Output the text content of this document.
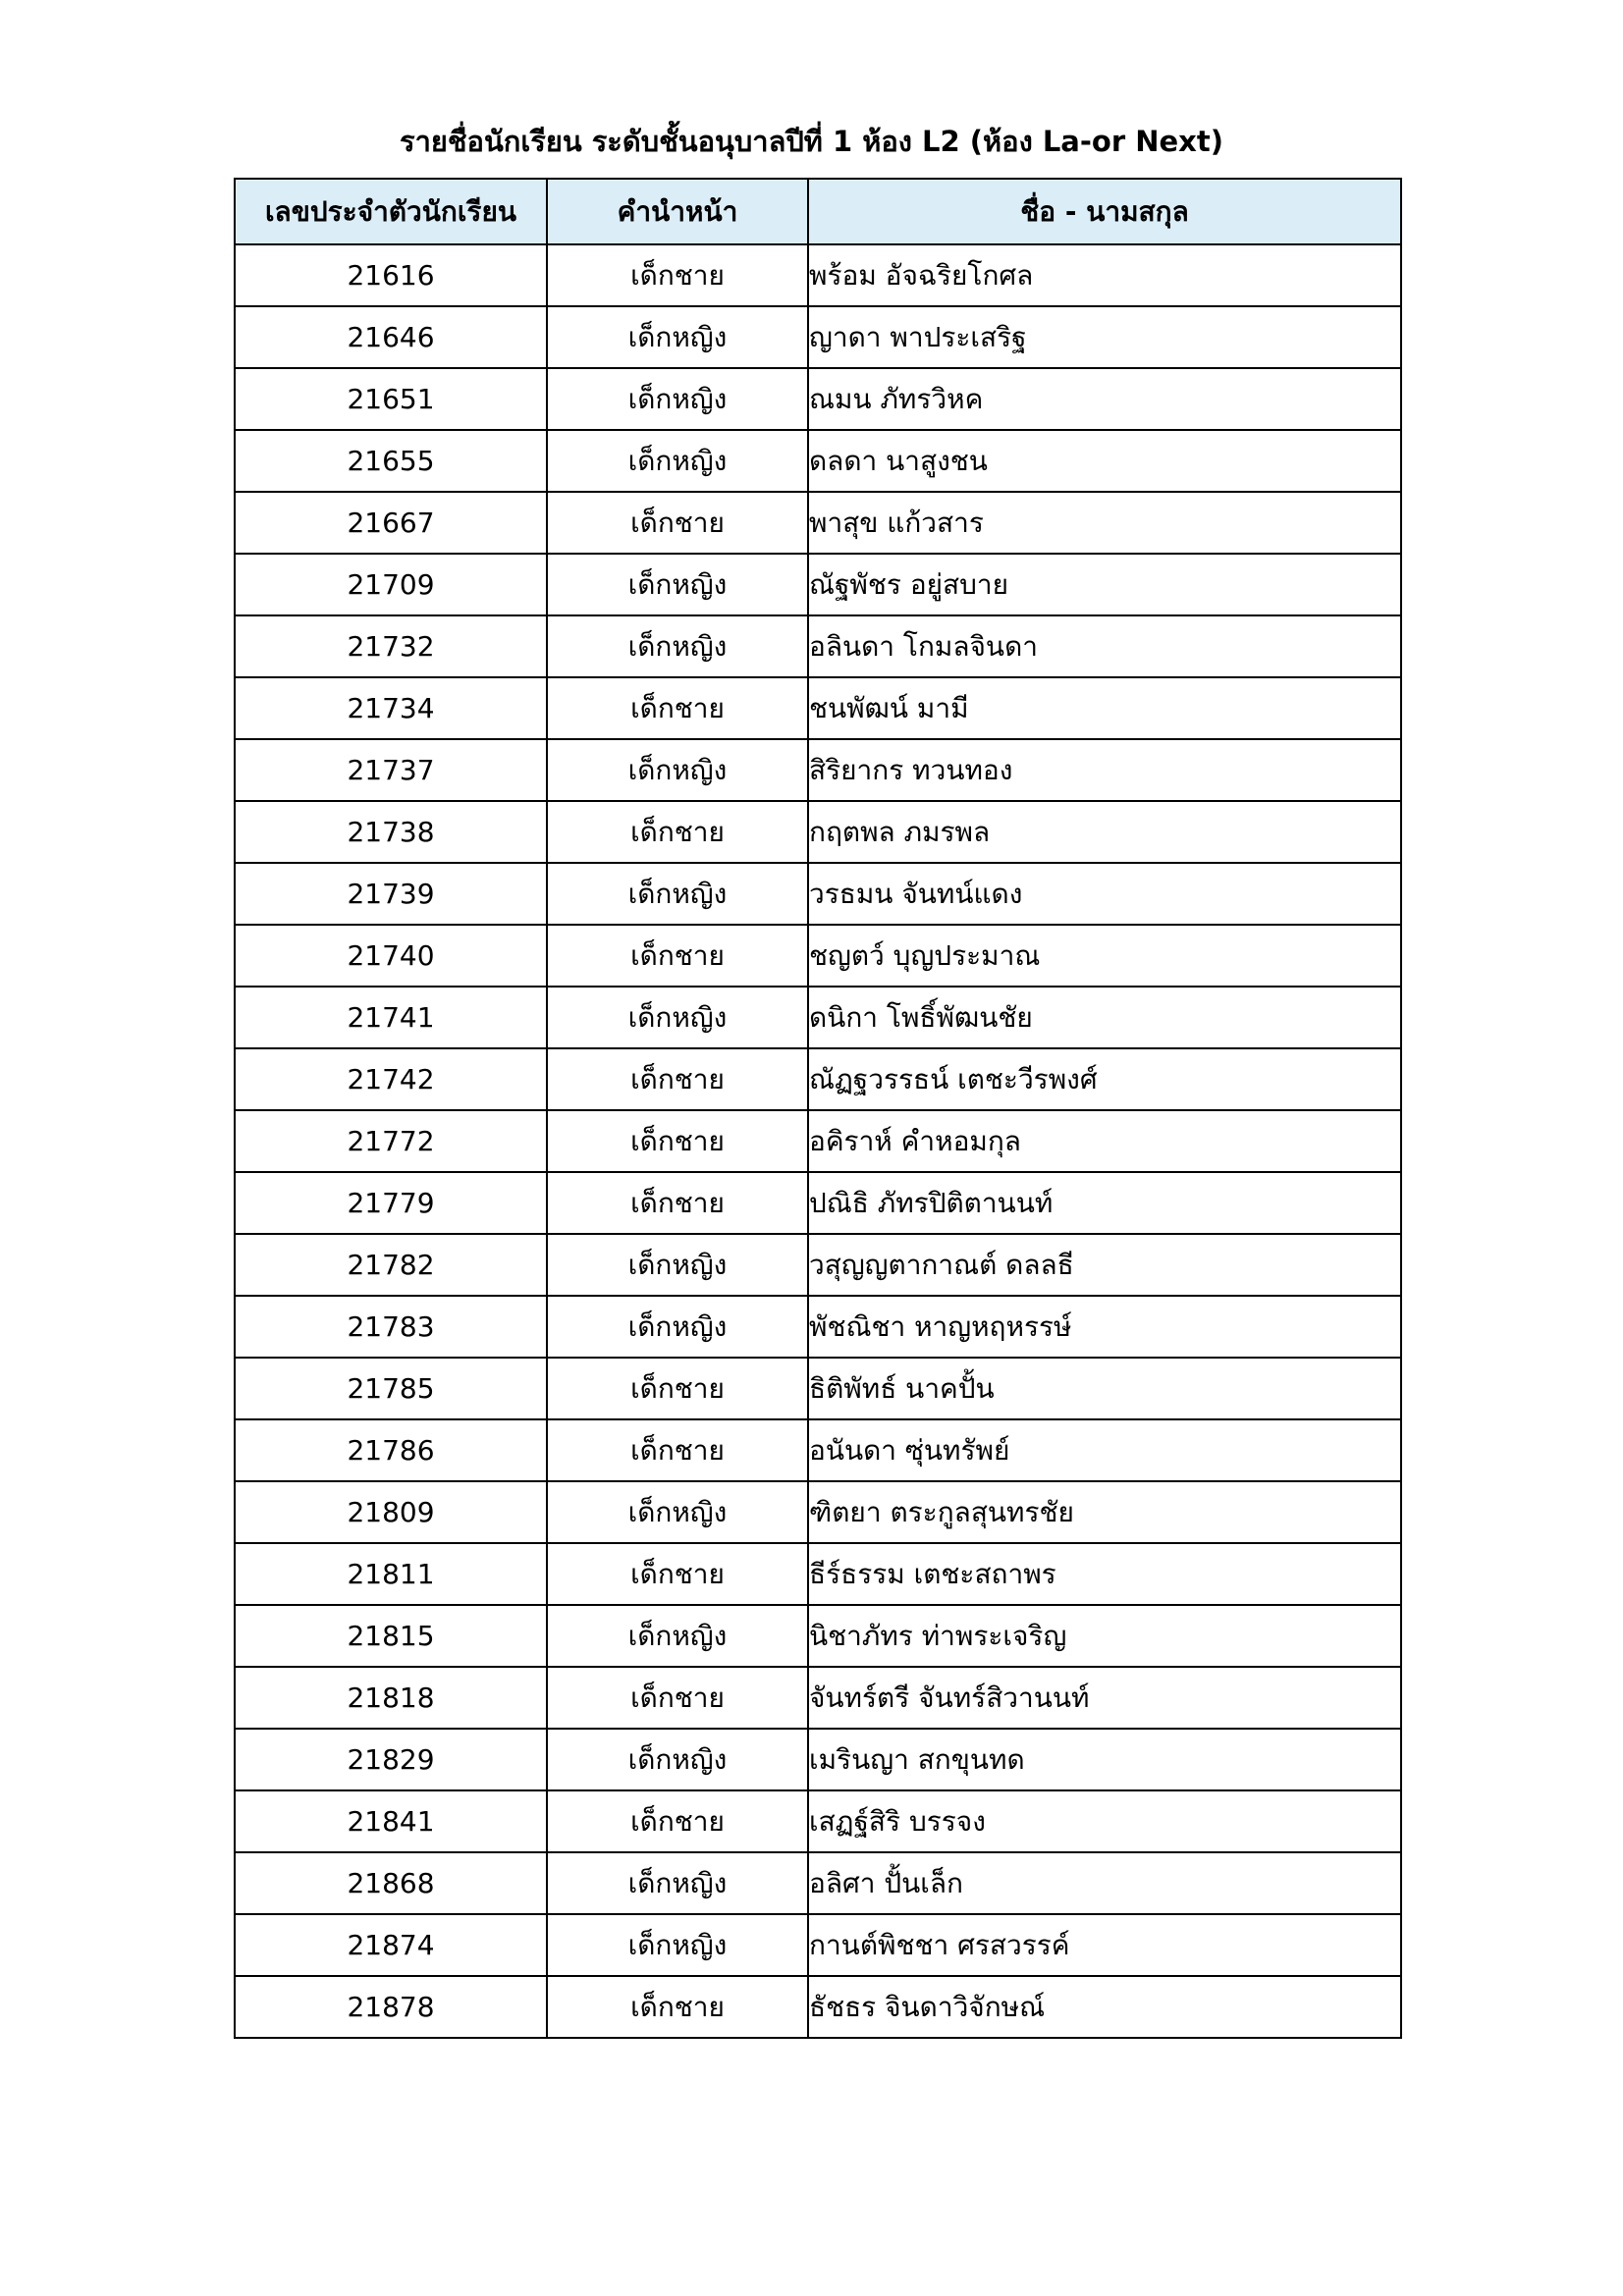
รายชื่อนักเรียน ระดับชั้นอนุบาลปีที่ 1 ห้อง L2 (ห้อง La-or Next)
เลขประจำตัวนักเรียน	คำนำหน้า	ชื่อ - นามสกุล
21616	เด็กชาย	พร้อม อัจฉริยโกศล
21646	เด็กหญิง	ญาดา พาประเสริฐ
21651	เด็กหญิง	ณมน ภัทรวิหค
21655	เด็กหญิง	ดลดา นาสูงชน
21667	เด็กชาย	พาสุข แก้วสาร
21709	เด็กหญิง	ณัฐพัชร อยู่สบาย
21732	เด็กหญิง	อลินดา โกมลจินดา
21734	เด็กชาย	ชนพัฒน์ มามี
21737	เด็กหญิง	สิริยากร ทวนทอง
21738	เด็กชาย	กฤตพล ภมรพล
21739	เด็กหญิง	วรธมน จันทน์แดง
21740	เด็กชาย	ชญตว์ บุญประมาณ
21741	เด็กหญิง	ดนิกา โพธิ์พัฒนชัย
21742	เด็กชาย	ณัฏฐวรรธน์ เตชะวีรพงศ์
21772	เด็กชาย	อคิราห์ คำหอมกุล
21779	เด็กชาย	ปณิธิ ภัทรปิติตานนท์
21782	เด็กหญิง	วสุญญตากาณต์ ดลลธี
21783	เด็กหญิง	พัชณิชา หาญหฤหรรษ์
21785	เด็กชาย	ธิติพัทธ์ นาคปั้น
21786	เด็กชาย	อนันดา ซุ่นทรัพย์
21809	เด็กหญิง	ฑิตยา ตระกูลสุนทรชัย
21811	เด็กชาย	ธีร์ธรรม เตชะสถาพร
21815	เด็กหญิง	นิชาภัทร ท่าพระเจริญ
21818	เด็กชาย	จันทร์ตรี จันทร์สิวานนท์
21829	เด็กหญิง	เมรินญา สกขุนทด
21841	เด็กชาย	เสฏฐ์สิริ บรรจง
21868	เด็กหญิง	อลิศา ปั้นเล็ก
21874	เด็กหญิง	กานต์พิชชา ศรสวรรค์
21878	เด็กชาย	ธัชธร จินดาวิจักษณ์
